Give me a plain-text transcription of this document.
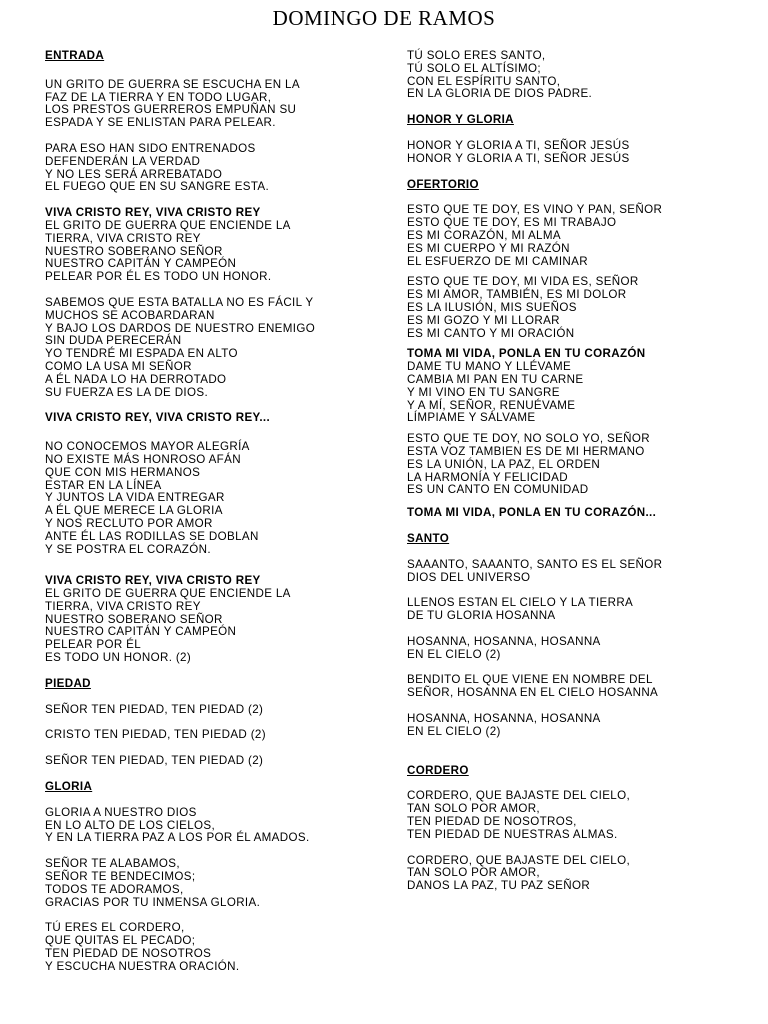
DOMINGO DE RAMOS
ENTRADA
UN GRITO DE GUERRA SE ESCUCHA EN LA
FAZ DE LA TIERRA Y EN TODO LUGAR,
LOS PRESTOS GUERREROS EMPUÑAN SU
ESPADA Y SE ENLISTAN PARA PELEAR.
PARA ESO HAN SIDO ENTRENADOS
DEFENDERÁN LA VERDAD
Y NO LES SERÁ ARREBATADO
EL FUEGO QUE EN SU SANGRE ESTA.
VIVA CRISTO REY, VIVA CRISTO REY
EL GRITO DE GUERRA QUE ENCIENDE LA
TIERRA, VIVA CRISTO REY
NUESTRO SOBERANO SEÑOR
NUESTRO CAPITÁN Y CAMPEÓN
PELEAR POR ÉL ES TODO UN HONOR.
SABEMOS QUE ESTA BATALLA NO ES FÁCIL Y
MUCHOS SE ACOBARDARAN
Y BAJO LOS DARDOS DE NUESTRO ENEMIGO
SIN DUDA PERECERÁN
YO TENDRÉ MI ESPADA EN ALTO
COMO LA USA MI SEÑOR
A ÉL NADA LO HA DERROTADO
SU FUERZA ES LA DE DIOS.
VIVA CRISTO REY, VIVA CRISTO REY...
NO CONOCEMOS MAYOR ALEGRÍA
NO EXISTE MÁS HONROSO AFÁN
QUE CON MIS HERMANOS
ESTAR EN LA LÍNEA
Y JUNTOS LA VIDA ENTREGAR
A ÉL QUE MERECE LA GLORIA
Y NOS RECLUTO POR AMOR
ANTE ÉL LAS RODILLAS SE DOBLAN
Y SE POSTRA EL CORAZÓN.
VIVA CRISTO REY, VIVA CRISTO REY
EL GRITO DE GUERRA QUE ENCIENDE LA
TIERRA, VIVA CRISTO REY
NUESTRO SOBERANO SEÑOR
NUESTRO CAPITÁN Y CAMPEÓN
PELEAR POR ÉL
ES TODO UN HONOR. (2)
PIEDAD
SEÑOR TEN PIEDAD, TEN PIEDAD (2)
CRISTO TEN PIEDAD, TEN PIEDAD (2)
SEÑOR TEN PIEDAD, TEN PIEDAD (2)
GLORIA
GLORIA A NUESTRO DIOS
EN LO ALTO DE LOS CIELOS,
Y EN LA TIERRA PAZ A LOS POR ÉL AMADOS.
SEÑOR TE ALABAMOS,
SEÑOR TE BENDECIMOS;
TODOS TE ADORAMOS,
GRACIAS POR TU INMENSA GLORIA.
TÚ ERES EL CORDERO,
QUE QUITAS EL PECADO;
TEN PIEDAD DE NOSOTROS
Y ESCUCHA NUESTRA ORACIÓN.
TÚ SOLO ERES SANTO,
TÚ SOLO EL ALTÍSIMO;
CON EL ESPÍRITU SANTO,
EN LA GLORIA DE DIOS PADRE.
HONOR Y GLORIA
HONOR Y GLORIA A TI, SEÑOR JESÚS
HONOR Y GLORIA A TI, SEÑOR JESÚS
OFERTORIO
ESTO QUE TE DOY, ES VINO Y PAN, SEÑOR
ESTO QUE TE DOY, ES MI TRABAJO
ES MI CORAZÓN, MI ALMA
ES MI CUERPO Y MI RAZÓN
EL ESFUERZO DE MI CAMINAR
ESTO QUE TE DOY, MI VIDA ES, SEÑOR
ES MI AMOR, TAMBIÉN, ES MI DOLOR
ES LA ILUSIÓN, MIS SUEÑOS
ES MI GOZO Y MI LLORAR
ES MI CANTO Y MI ORACIÓN
TOMA MI VIDA, PONLA EN TU CORAZÓN
DAME TU MANO Y LLÉVAME
CAMBIA MI PAN EN TU CARNE
Y MI VINO EN TU SANGRE
Y A MÍ, SEÑOR, RENUÉVAME
LÍMPIAME Y SÁLVAME
ESTO QUE TE DOY, NO SOLO YO, SEÑOR
ESTA VOZ TAMBIEN ES DE MI HERMANO
ES LA UNIÓN, LA PAZ, EL ORDEN
LA HARMONÍA Y FELICIDAD
ES UN CANTO EN COMUNIDAD
TOMA MI VIDA, PONLA EN TU CORAZÓN...
SANTO
SAAANTO, SAAANTO, SANTO ES EL SEÑOR
DIOS DEL UNIVERSO
LLENOS ESTAN EL CIELO Y LA TIERRA
DE TU GLORIA HOSANNA
HOSANNA, HOSANNA, HOSANNA
EN EL CIELO (2)
BENDITO EL QUE VIENE EN NOMBRE DEL
SEÑOR, HOSANNA EN EL CIELO HOSANNA
HOSANNA, HOSANNA, HOSANNA
EN EL CIELO (2)
CORDERO
CORDERO, QUE BAJASTE DEL CIELO,
TAN SOLO POR AMOR,
TEN PIEDAD DE NOSOTROS,
TEN PIEDAD DE NUESTRAS ALMAS.
CORDERO, QUE BAJASTE DEL CIELO,
TAN SOLO POR AMOR,
DANOS LA PAZ, TU PAZ SEÑOR
